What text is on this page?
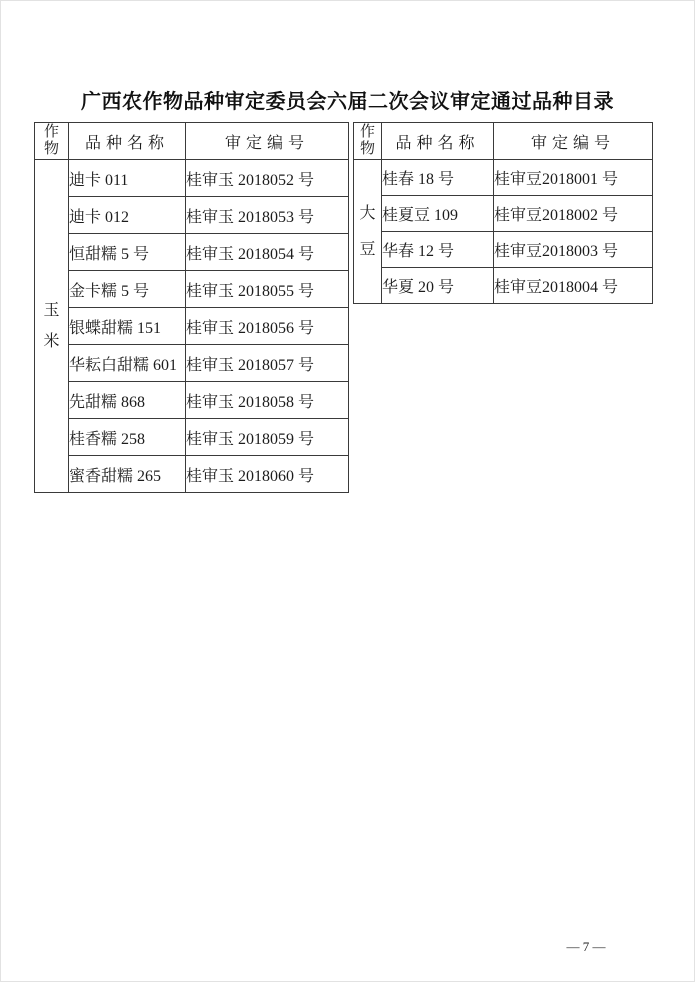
广西农作物品种审定委员会六届二次会议审定通过品种目录
作物	品种名称	审定编号
玉米	迪卡 011	桂审玉 2018052 号
	迪卡 012	桂审玉 2018053 号
	恒甜糯 5 号	桂审玉 2018054 号
	金卡糯 5 号	桂审玉 2018055 号
	银蝶甜糯 151	桂审玉 2018056 号
	华耘白甜糯 601	桂审玉 2018057 号
	先甜糯 868	桂审玉 2018058 号
	桂香糯 258	桂审玉 2018059 号
	蜜香甜糯 265	桂审玉 2018060 号
作物	品种名称	审定编号
大豆	桂春 18 号	桂审豆2018001 号
	桂夏豆 109	桂审豆2018002 号
	华春 12 号	桂审豆2018003 号
	华夏 20 号	桂审豆2018004 号
— 7 —
